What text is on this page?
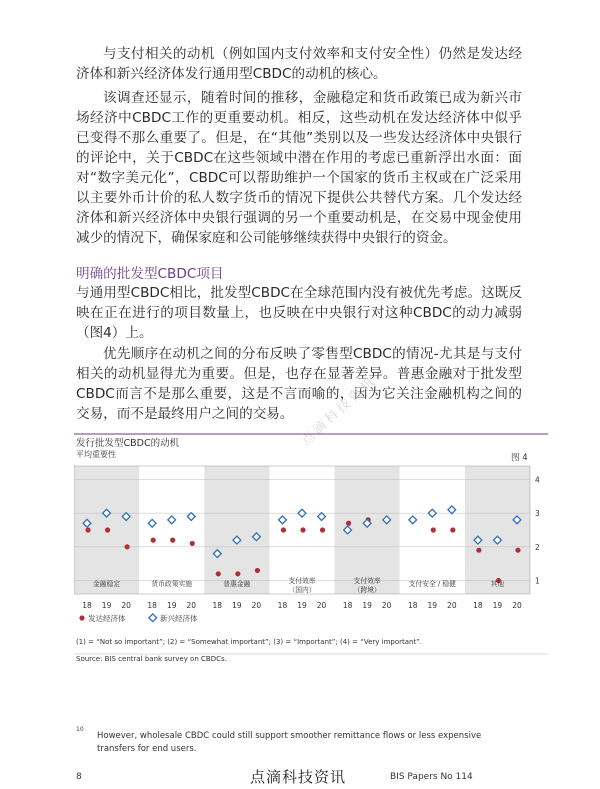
与支付相关的动机（例如国内支付效率和支付安全性）仍然是发达经济体和新兴经济体发行通用型CBDC的动机的核心。

该调查还显示，随着时间的推移，金融稳定和货币政策已成为新兴市场经济中CBDC工作的更重要动机。相反，这些动机在发达经济体中似乎已变得不那么重要了。但是，在“其他”类别以及一些发达经济体中央银行的评论中，关于CBDC在这些领域中潜在作用的考虑已重新浮出水面：面对“数字美元化”，CBDC可以帮助维护一个国家的货币主权或在广泛采用以主要外币计价的私人数字货币的情况下提供公共替代方案。几个发达经济体和新兴经济体中央银行强调的另一个重要动机是，在交易中现金使用减少的情况下，确保家庭和公司能够继续获得中央银行的资金。

明确的批发型CBDC项目

与通用型CBDC相比，批发型CBDC在全球范围内没有被优先考虑。这既反映在正在进行的项目数量上，也反映在中央银行对这种CBDC的动力减弱（图4）上。

优先顺序在动机之间的分布反映了零售型CBDC的情况-尤其是与支付相关的动机显得尤为重要。但是，也存在显著差异。普惠金融对于批发型CBDC而言不是那么重要，这是不言而喻的，因为它关注金融机构之间的交易，而不是最终用户之间的交易。 点滴科技资讯
发行批发型CBDC的动机
平均重要性	图 4
1
2
3
4
金融稳定
18 19 20
货币政策实施
18 19 20
普惠金融
18 19 20
支付效率（国内）
18 19 20
支付效率（跨境）
18 19 20
支付安全 / 稳健
18 19 20
其他
18 19 20
发达经济体	新兴经济体
(1) = “Not so important”; (2) = “Somewhat important”; (3) = “Important”; (4) = “Very important”.
Source: BIS central bank survey on CBDCs.
10
However, wholesale CBDC could still support smoother remittance flows or less expensive transfers for end users.
8	点滴科技资讯	BIS Papers No 114
